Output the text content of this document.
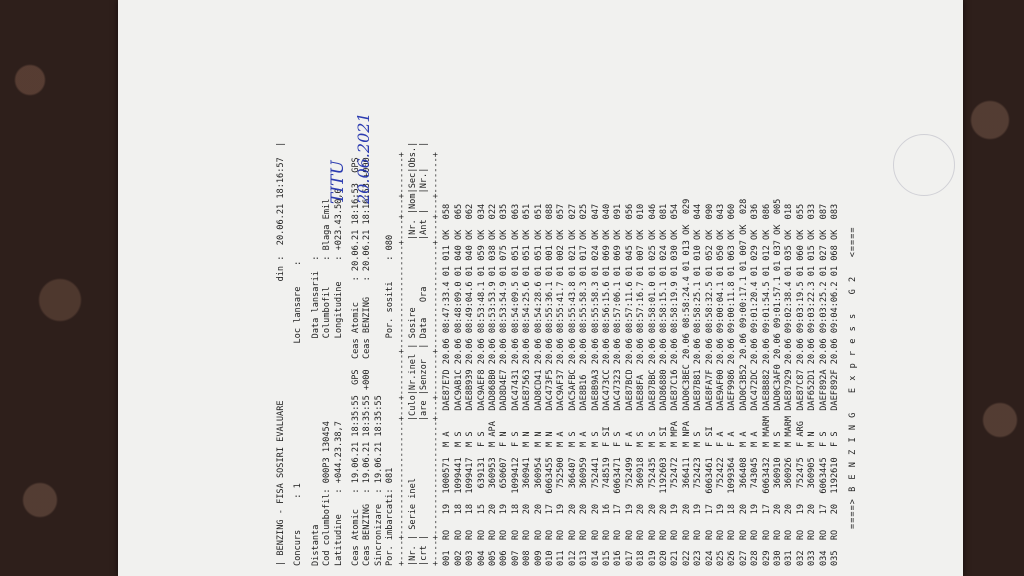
| BENZING - FISA SOSIRI EVALUARE                       din :  20.06.21 18:16:57  | Concurs      : 1                           Loc lansare    : Distanta                                    Data lansarii  : Cod columbofil: 000P3 130454                Columbofil     : Blaga Emil Latitudine    : +044.23.38,7                Longitudine    : +023.43.50,0 Ceas Atomic   : 19.06.21 18:35:55  GPS  Ceas Atomic    : 20.06.21 18:16:53  GPS Ceas BENZING  : 19.06.21 18:35:55 +000  Ceas BENZING   : 20.06.21 18:16:53 +000 Sincronizare  : 19.06.21 18:35:55 Por. imbarcati: 081                         Por. sositi    : 080 +----+----------------------+---+--------+--------------------+----+---+-------+ |Nr. | Serie inel           |Culo|Nr.inel | Sosire             |Nr. |Nom|Sec|Obs.| |crt |                      |are |Senzor  | Data   Ora         |Ant |   |Nr.|    | +----+----------------------+---+--------+--------------------+----+---+-------+ 001  RO   19  1000571  M A    DAE87E7D 20.06 08:47:33.4 01 011 OK  058 002  RO   18  1099441  M S    DAC9AB1C 20.06 08:48:09.0 01 040 OK  065 003  RO   18  1099417  M S    DAE8B939 20.06 08:49:04.6 01 040 OK  062 004  RO   15   639131  F S    DAC9AEF8 20.06 08:53:48.1 01 059 OK  034 005  RO   20   360953  M APA  DAD868B0 20.06 08:53:53.9 01 038 OK  022 006  RO   19   650607  F N    DAD8D4E7 20.06 08:53:54.9 01 075 OK  035 007  RO   18  1099412  F S    DAC47431 20.06 08:54:09.5 01 051 OK  063 008  RO   20   360941  M N    DAE87563 20.06 08:54:25.6 01 051 OK  051 009  RO   20   360954  M N    DAD8CD41 20.06 08:54:28.6 01 051 OK  051 010  RO   17  6063455  M N    DAC473F5 20.06 08:55:36.1 01 001 OK  088 011  RO   19   752500  M A    DAC9AF37 20.06 08:55:41.7 01 002 OK  057 012  RO   20   366407  M S    DAC5AFBC 20.06 08:55:43.8 01 021 OK  027 013  RO   20   360959  M A    DAE8B16  20.06 08:55:58.3 01 017 OK  025 014  RO   20   752441  M S    DAE8B9A3 20.06 08:55:58.3 01 024 OK  047 015  RO   16   748519  F SI   DAC473CC 20.06 08:56:15.6 01 069 OK  040 016  RO   17  6063471  F S    DAC47323 20.06 08:57:06.1 01 069 OK  091 017  RO   19   752499  F A    DAE87BCD 20.06 08:57:11.6 01 045 OK  056 018  RO   20   360918  M S    DAE88FA  20.06 08:57:16.7 01 007 OK  010 019  RO   20   752435  M S    DAE87BBC 20.06 08:58:01.0 01 025 OK  046 020  RO   20  1192603  M SI   DAD86880 20.06 08:58:15.1 01 024 OK  081 021  RO   19   752472  M MPA  DAE87C16 20.06 08:58:19.9 01 030 OK  054 022  RO   20   366411  M NPA  DAD0C3BEC 20.06 08:58:24.4 01 013 OK  029 023  RO   19   752423  M S    DAE87B81 20.06 08:58:25.1 01 010 OK  044 024  RO   17  6063461  F SI   DAE8FA7F 20.06 08:58:32.5 01 052 OK  090 025  RO   19   752422  F A    DAE9AF00 20.06 09:00:04.1 01 050 OK  043 026  RO   18  1099364  F A    DAEF9986 20.06 09:00:11.8 01 063 OK  060 027  RO   20   366408  M A    DAD0C3B52 20.06 09:00:17.1 01 007 OK  028 028  RO   19   743045  M A    DAC472DC 20.06 09:01:20.4 01 029 OK  036 029  RO   17  6063432  M MARM DAE8B882 20.06 09:01:54.5 01 012 OK  086 030  RO   20   360910  M S    DAD0C3AF0 20.06 09:01:57.1 01 037 OK  005 031  RO   20   360926  M MARM DAE87929 20.06 09:02:38.4 01 035 OK  018 032  RO   19   752475  F ARG  DAE87C87 20.06 09:03:19.5 01 060 OK  055 033  RO   20   360905  M N    DAF652D1 20.06 09:03:22.3 01 015 OK  033 034  RO   17  6063445  F S    DAEF892A 20.06 09:03:25.2 01 027 OK  087 035  RO   20  1192610  F S    DAEF892F 20.06 09:04:06.2 01 068 OK  083 ====> B E N Z I N G   E x p r e s s   G 2   <====
TITU 20.06.2021
